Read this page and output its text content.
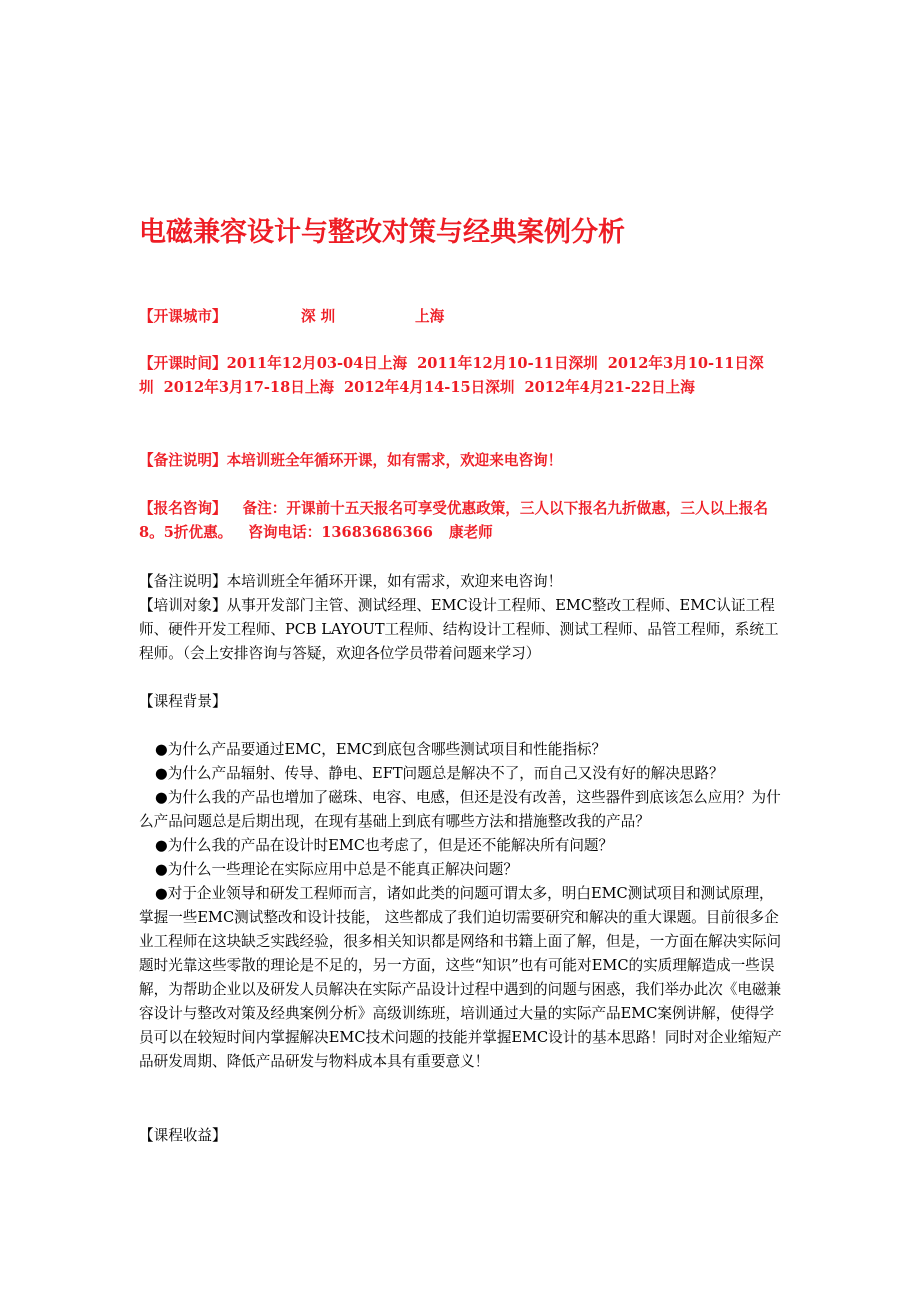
电磁兼容设计与整改对策与经典案例分析
【开课城市】	深 圳	上海
【开课时间】2011年12月03-04日上海 2011年12月10-11日深圳 2012年3月10-11日深圳 2012年3月17-18日上海 2012年4月14-15日深圳 2012年4月21-22日上海
【备注说明】本培训班全年循环开课，如有需求，欢迎来电咨询！
【报名咨询】 备注：开课前十五天报名可享受优惠政策，三人以下报名九折做惠，三人以上报名8。5折优惠。 咨询电话：13683686366 康老师
【备注说明】本培训班全年循环开课，如有需求，欢迎来电咨询！
【培训对象】从事开发部门主管、测试经理、EMC设计工程师、EMC整改工程师、EMC认证工程师、硬件开发工程师、PCB LAYOUT工程师、结构设计工程师、测试工程师、品管工程师，系统工程师。（会上安排咨询与答疑，欢迎各位学员带着问题来学习）
【课程背景】

●为什么产品要通过EMC，EMC到底包含哪些测试项目和性能指标？

●为什么产品辐射、传导、静电、EFT问题总是解决不了，而自己又没有好的解决思路？

●为什么我的产品也增加了磁珠、电容、电感，但还是没有改善，这些器件到底该怎么应用？为什么产品问题总是后期出现，在现有基础上到底有哪些方法和措施整改我的产品？

●为什么我的产品在设计时EMC也考虑了，但是还不能解决所有问题？

●为什么一些理论在实际应用中总是不能真正解决问题？

●对于企业领导和研发工程师而言，诸如此类的问题可谓太多，明白EMC测试项目和测试原理，掌握一些EMC测试整改和设计技能， 这些都成了我们迫切需要研究和解决的重大课题。目前很多企业工程师在这块缺乏实践经验，很多相关知识都是网络和书籍上面了解，但是，一方面在解决实际问题时光靠这些零散的理论是不足的，另一方面，这些“知识”也有可能对EMC的实质理解造成一些误解，为帮助企业以及研发人员解决在实际产品设计过程中遇到的问题与困惑，我们举办此次《电磁兼容设计与整改对策及经典案例分析》高级训练班，培训通过大量的实际产品EMC案例讲解，使得学员可以在较短时间内掌握解决EMC技术问题的技能并掌握EMC设计的基本思路！同时对企业缩短产品研发周期、降低产品研发与物料成本具有重要意义！

【课程收益】
